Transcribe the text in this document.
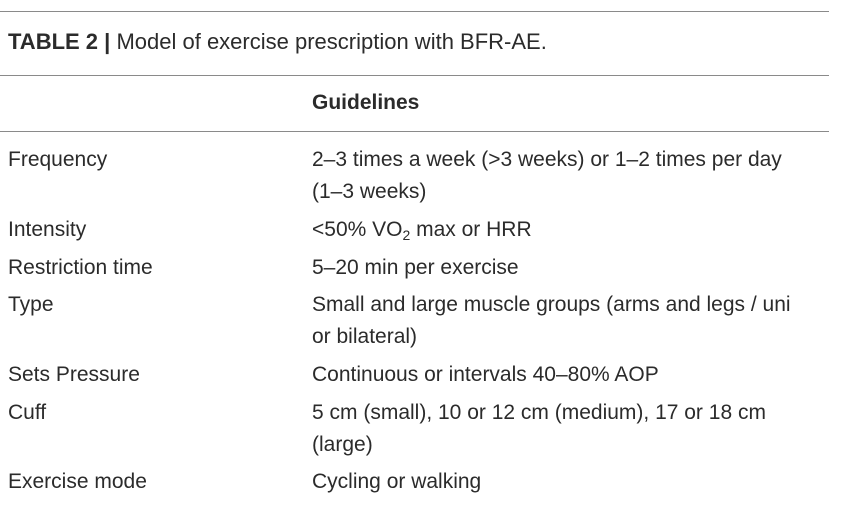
TABLE 2 | Model of exercise prescription with BFR-AE.
Guidelines
Frequency	2–3 times a week (>3 weeks) or 1–2 times per day
(1–3 weeks)
Intensity	<50% $VO_2$ max or HRR
Restriction time	5–20 min per exercise
Type	Small and large muscle groups (arms and legs / uni
or bilateral)
Sets Pressure	Continuous or intervals 40–80% AOP
Cuff	5 cm (small), 10 or 12 cm (medium), 17 or 18 cm
(large)
Exercise mode	Cycling or walking
